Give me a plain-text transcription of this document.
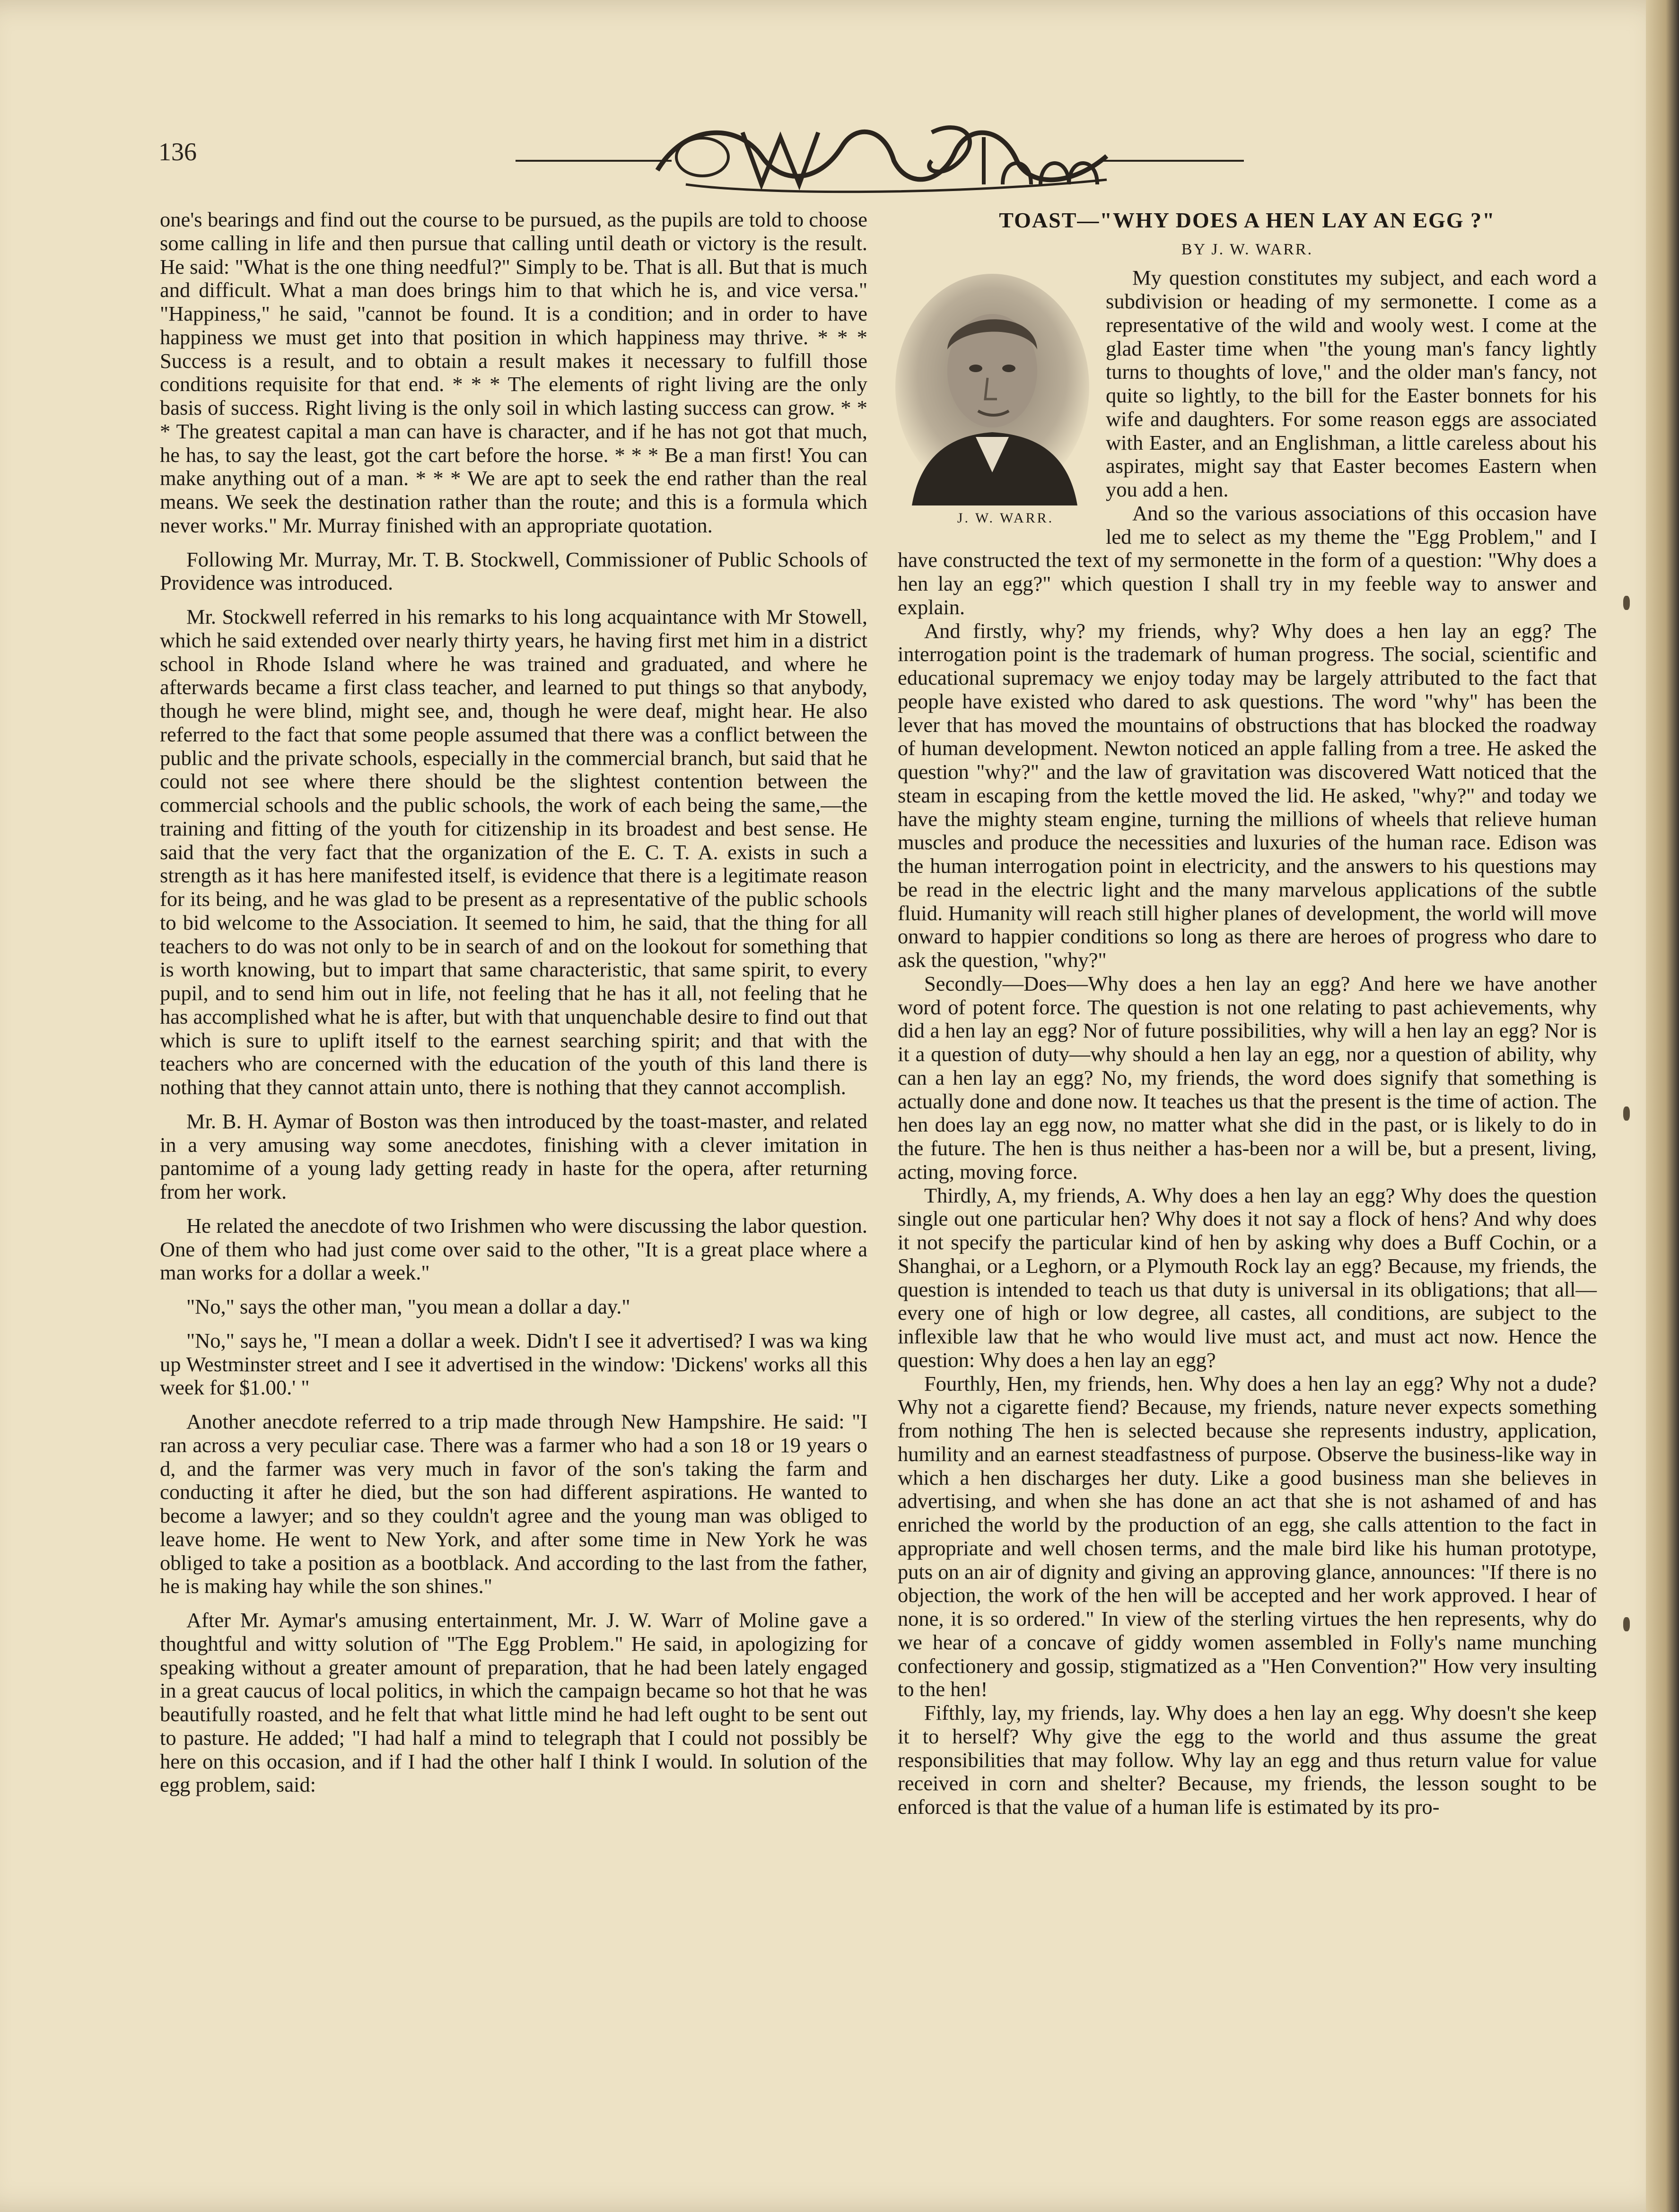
136

one's bearings and find out the course to be pursued, as the pupils are told to choose some calling in life and then pursue that calling until death or victory is the result. He said: "What is the one thing needful?" Simply to be. That is all. But that is much and difficult. What a man does brings him to that which he is, and vice versa." "Happiness," he said, "cannot be found. It is a condition; and in order to have happiness we must get into that position in which happiness may thrive. * * * Success is a result, and to obtain a result makes it necessary to fulfill those conditions requisite for that end. * * * The elements of right living are the only basis of success. Right living is the only soil in which lasting success can grow. * * * The greatest capital a man can have is character, and if he has not got that much, he has, to say the least, got the cart before the horse. * * * Be a man first! You can make anything out of a man. * * * We are apt to seek the end rather than the real means. We seek the destination rather than the route; and this is a formula which never works." Mr. Murray finished with an appropriate quotation.

Following Mr. Murray, Mr. T. B. Stockwell, Commissioner of Public Schools of Providence was introduced.

Mr. Stockwell referred in his remarks to his long acquaintance with Mr Stowell, which he said extended over nearly thirty years, he having first met him in a district school in Rhode Island where he was trained and graduated, and where he afterwards became a first class teacher, and learned to put things so that anybody, though he were blind, might see, and, though he were deaf, might hear. He also referred to the fact that some people assumed that there was a conflict between the public and the private schools, especially in the commercial branch, but said that he could not see where there should be the slightest contention between the commercial schools and the public schools, the work of each being the same,—the training and fitting of the youth for citizenship in its broadest and best sense. He said that the very fact that the organization of the E. C. T. A. exists in such a strength as it has here manifested itself, is evidence that there is a legitimate reason for its being, and he was glad to be present as a representative of the public schools to bid welcome to the Association. It seemed to him, he said, that the thing for all teachers to do was not only to be in search of and on the lookout for something that is worth knowing, but to impart that same characteristic, that same spirit, to every pupil, and to send him out in life, not feeling that he has it all, not feeling that he has accomplished what he is after, but with that unquenchable desire to find out that which is sure to uplift itself to the earnest searching spirit; and that with the teachers who are concerned with the education of the youth of this land there is nothing that they cannot attain unto, there is nothing that they cannot accomplish.

Mr. B. H. Aymar of Boston was then introduced by the toast-master, and related in a very amusing way some anecdotes, finishing with a clever imitation in pantomime of a young lady getting ready in haste for the opera, after returning from her work.

He related the anecdote of two Irishmen who were discussing the labor question. One of them who had just come over said to the other, "It is a great place where a man works for a dollar a week."

"No," says the other man, "you mean a dollar a day."

"No," says he, "I mean a dollar a week. Didn't I see it advertised? I was wa king up Westminster street and I see it advertised in the window: 'Dickens' works all this week for $1.00.' "

Another anecdote referred to a trip made through New Hampshire. He said: "I ran across a very peculiar case. There was a farmer who had a son 18 or 19 years o d, and the farmer was very much in favor of the son's taking the farm and conducting it after he died, but the son had different aspirations. He wanted to become a lawyer; and so they couldn't agree and the young man was obliged to leave home. He went to New York, and after some time in New York he was obliged to take a position as a bootblack. And according to the last from the father, he is making hay while the son shines."

After Mr. Aymar's amusing entertainment, Mr. J. W. Warr of Moline gave a thoughtful and witty solution of "The Egg Problem." He said, in apologizing for speaking without a greater amount of preparation, that he had been lately engaged in a great caucus of local politics, in which the campaign became so hot that he was beautifully roasted, and he felt that what little mind he had left ought to be sent out to pasture. He added; "I had half a mind to telegraph that I could not possibly be here on this occasion, and if I had the other half I think I would. In solution of the egg problem, said:

TOAST—"WHY DOES A HEN LAY AN EGG ?"
BY J. W. WARR.

J. W. WARR.
My question constitutes my subject, and each word a subdivision or heading of my sermonette. I come as a representative of the wild and wooly west. I come at the glad Easter time when "the young man's fancy lightly turns to thoughts of love," and the older man's fancy, not quite so lightly, to the bill for the Easter bonnets for his wife and daughters. For some reason eggs are associated with Easter, and an Englishman, a little careless about his aspirates, might say that Easter becomes Eastern when you add a hen.

And so the various associations of this occasion have led me to select as my theme the "Egg Problem," and I have constructed the text of my sermonette in the form of a question: "Why does a hen lay an egg?" which question I shall try in my feeble way to answer and explain.

And firstly, why? my friends, why? Why does a hen lay an egg? The interrogation point is the trademark of human progress. The social, scientific and educational supremacy we enjoy today may be largely attributed to the fact that people have existed who dared to ask questions. The word "why" has been the lever that has moved the mountains of obstructions that has blocked the roadway of human development. Newton noticed an apple falling from a tree. He asked the question "why?" and the law of gravitation was discovered Watt noticed that the steam in escaping from the kettle moved the lid. He asked, "why?" and today we have the mighty steam engine, turning the millions of wheels that relieve human muscles and produce the necessities and luxuries of the human race. Edison was the human interrogation point in electricity, and the answers to his questions may be read in the electric light and the many marvelous applications of the subtle fluid. Humanity will reach still higher planes of development, the world will move onward to happier conditions so long as there are heroes of progress who dare to ask the question, "why?"

Secondly—Does—Why does a hen lay an egg? And here we have another word of potent force. The question is not one relating to past achievements, why did a hen lay an egg? Nor of future possibilities, why will a hen lay an egg? Nor is it a question of duty—why should a hen lay an egg, nor a question of ability, why can a hen lay an egg? No, my friends, the word does signify that something is actually done and done now. It teaches us that the present is the time of action. The hen does lay an egg now, no matter what she did in the past, or is likely to do in the future. The hen is thus neither a has-been nor a will be, but a present, living, acting, moving force.

Thirdly, A, my friends, A. Why does a hen lay an egg? Why does the question single out one particular hen? Why does it not say a flock of hens? And why does it not specify the particular kind of hen by asking why does a Buff Cochin, or a Shanghai, or a Leghorn, or a Plymouth Rock lay an egg? Because, my friends, the question is intended to teach us that duty is universal in its obligations; that all—every one of high or low degree, all castes, all conditions, are subject to the inflexible law that he who would live must act, and must act now. Hence the question: Why does a hen lay an egg?

Fourthly, Hen, my friends, hen. Why does a hen lay an egg? Why not a dude? Why not a cigarette fiend? Because, my friends, nature never expects something from nothing The hen is selected because she represents industry, application, humility and an earnest steadfastness of purpose. Observe the business-like way in which a hen discharges her duty. Like a good business man she believes in advertising, and when she has done an act that she is not ashamed of and has enriched the world by the production of an egg, she calls attention to the fact in appropriate and well chosen terms, and the male bird like his human prototype, puts on an air of dignity and giving an approving glance, announces: "If there is no objection, the work of the hen will be accepted and her work approved. I hear of none, it is so ordered." In view of the sterling virtues the hen represents, why do we hear of a concave of giddy women assembled in Folly's name munching confectionery and gossip, stigmatized as a "Hen Convention?" How very insulting to the hen!

Fifthly, lay, my friends, lay. Why does a hen lay an egg. Why doesn't she keep it to herself? Why give the egg to the world and thus assume the great responsibilities that may follow. Why lay an egg and thus return value for value received in corn and shelter? Because, my friends, the lesson sought to be enforced is that the value of a human life is estimated by its pro-
